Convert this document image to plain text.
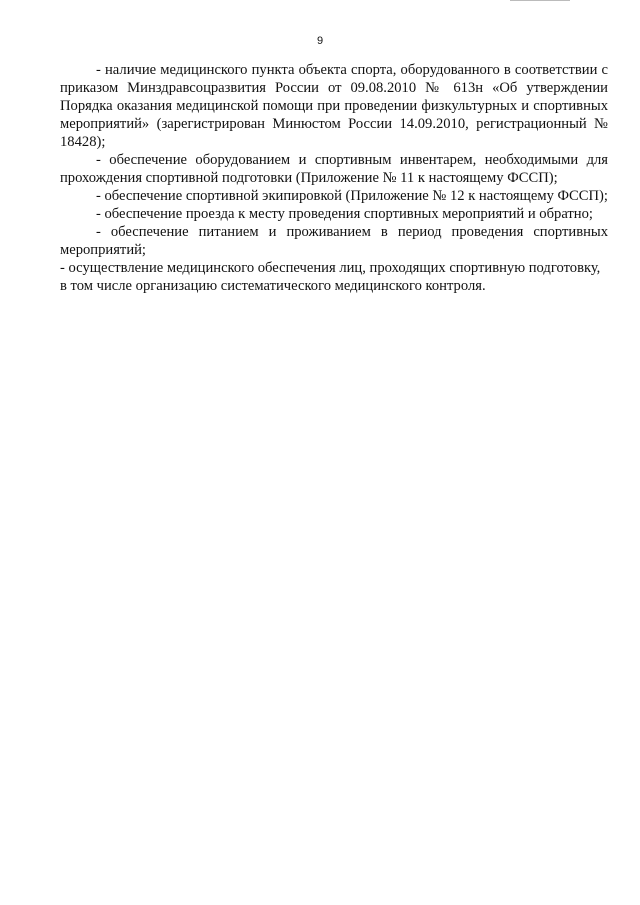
9

- наличие медицинского пункта объекта спорта, оборудованного в соответствии с приказом Минздравсоцразвития России от 09.08.2010 № 613н «Об утверждении Порядка оказания медицинской помощи при проведении физкультурных и спортивных мероприятий» (зарегистрирован Минюстом России 14.09.2010, регистрационный № 18428);

- обеспечение оборудованием и спортивным инвентарем, необходимыми для прохождения спортивной подготовки (Приложение № 11 к настоящему ФССП);

- обеспечение спортивной экипировкой (Приложение № 12 к настоящему ФССП);

- обеспечение проезда к месту проведения спортивных мероприятий и обратно;

- обеспечение питанием и проживанием в период проведения спортивных мероприятий;

- осуществление медицинского обеспечения лиц, проходящих спортивную подготовку, в том числе организацию систематического медицинского контроля.
